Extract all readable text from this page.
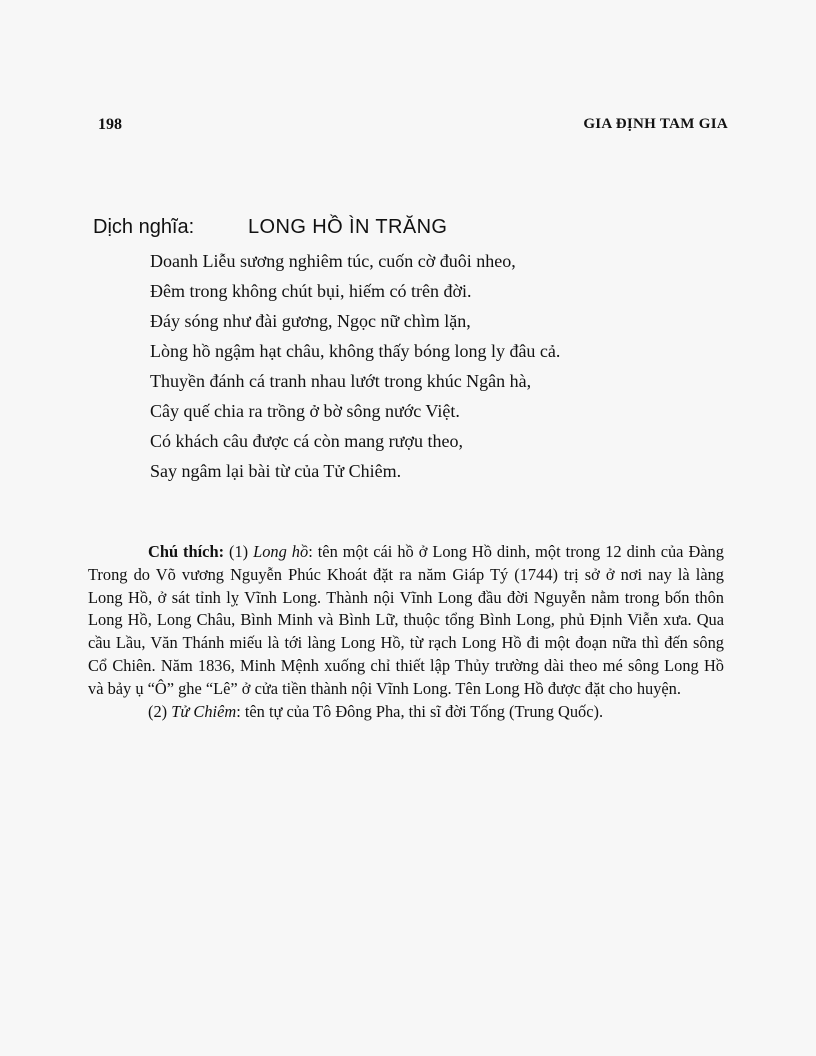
198	GIA ĐỊNH TAM GIA
Dịch nghĩa:	LONG HỒ ÌN TRĂNG
Doanh Liễu sương nghiêm túc, cuốn cờ đuôi nheo,
Đêm trong không chút bụi, hiếm có trên đời.
Đáy sóng như đài gương, Ngọc nữ chìm lặn,
Lòng hồ ngậm hạt châu, không thấy bóng long ly đâu cả.
Thuyền đánh cá tranh nhau lướt trong khúc Ngân hà,
Cây quế chia ra trồng ở bờ sông nước Việt.
Có khách câu được cá còn mang rượu theo,
Say ngâm lại bài từ của Tử Chiêm.

Chú thích: (1) Long hồ: tên một cái hồ ở Long Hồ dinh, một trong 12 dinh của Đàng Trong do Võ vương Nguyễn Phúc Khoát đặt ra năm Giáp Tý (1744) trị sở ở nơi nay là làng Long Hồ, ở sát tỉnh lỵ Vĩnh Long. Thành nội Vĩnh Long đầu đời Nguyễn nằm trong bốn thôn Long Hồ, Long Châu, Bình Minh và Bình Lữ, thuộc tổng Bình Long, phủ Định Viễn xưa. Qua cầu Lầu, Văn Thánh miếu là tới làng Long Hồ, từ rạch Long Hồ đi một đoạn nữa thì đến sông Cổ Chiên. Năm 1836, Minh Mệnh xuống chỉ thiết lập Thủy trường dài theo mé sông Long Hồ và bảy ụ “Ô” ghe “Lê” ở cửa tiền thành nội Vĩnh Long. Tên Long Hồ được đặt cho huyện.

(2) Tử Chiêm: tên tự của Tô Đông Pha, thi sĩ đời Tống (Trung Quốc).
